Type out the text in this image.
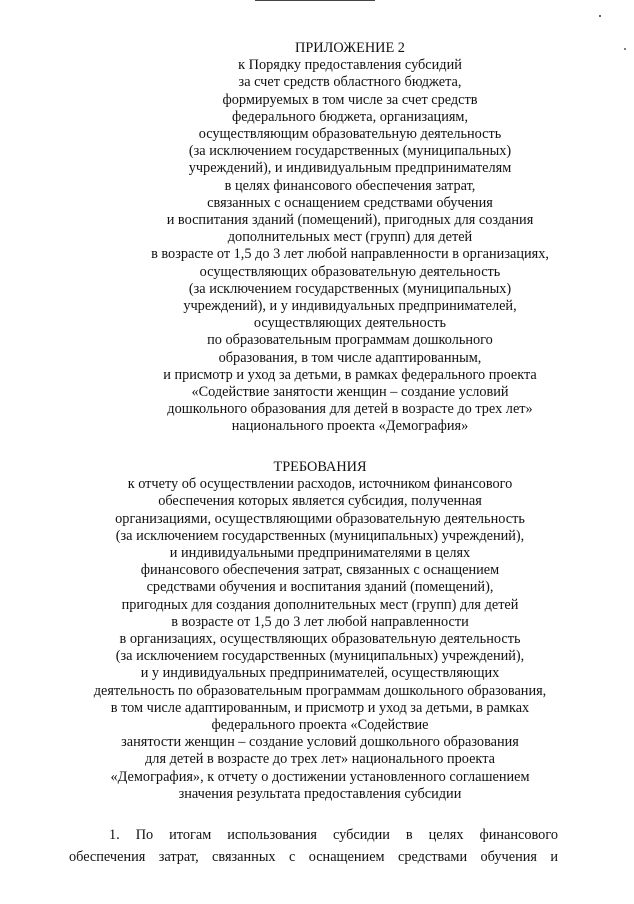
ПРИЛОЖЕНИЕ 2
к Порядку предоставления субсидий
за счет средств областного бюджета,
формируемых в том числе за счет средств
федерального бюджета, организациям,
осуществляющим образовательную деятельность
(за исключением государственных (муниципальных)
учреждений), и индивидуальным предпринимателям
в целях финансового обеспечения затрат,
связанных с оснащением средствами обучения
и воспитания зданий (помещений), пригодных для создания
дополнительных мест (групп) для детей
в возрасте от 1,5 до 3 лет любой направленности в организациях,
осуществляющих образовательную деятельность
(за исключением государственных (муниципальных)
учреждений), и у индивидуальных предпринимателей,
осуществляющих деятельность
по образовательным программам дошкольного
образования, в том числе адаптированным,
и присмотр и уход за детьми, в рамках федерального проекта
«Содействие занятости женщин – создание условий
дошкольного образования для детей в возрасте до трех лет»
национального проекта «Демография»
ТРЕБОВАНИЯ
к отчету об осуществлении расходов, источником финансового
обеспечения которых является субсидия, полученная
организациями, осуществляющими образовательную деятельность
(за исключением государственных (муниципальных) учреждений),
и индивидуальными предпринимателями в целях
финансового обеспечения затрат, связанных с оснащением
средствами обучения и воспитания зданий (помещений),
пригодных для создания дополнительных мест (групп) для детей
в возрасте от 1,5 до 3 лет любой направленности
в организациях, осуществляющих образовательную деятельность
(за исключением государственных (муниципальных) учреждений),
и у индивидуальных предпринимателей, осуществляющих
деятельность по образовательным программам дошкольного образования,
в том числе адаптированным, и присмотр и уход за детьми, в рамках
федерального проекта «Содействие
занятости женщин – создание условий дошкольного образования
для детей в возрасте до трех лет» национального проекта
«Демография», к отчету о достижении установленного соглашением
значения результата предоставления субсидии
1. По итогам использования субсидии в целях финансового
обеспечения затрат, связанных с оснащением средствами обучения и
